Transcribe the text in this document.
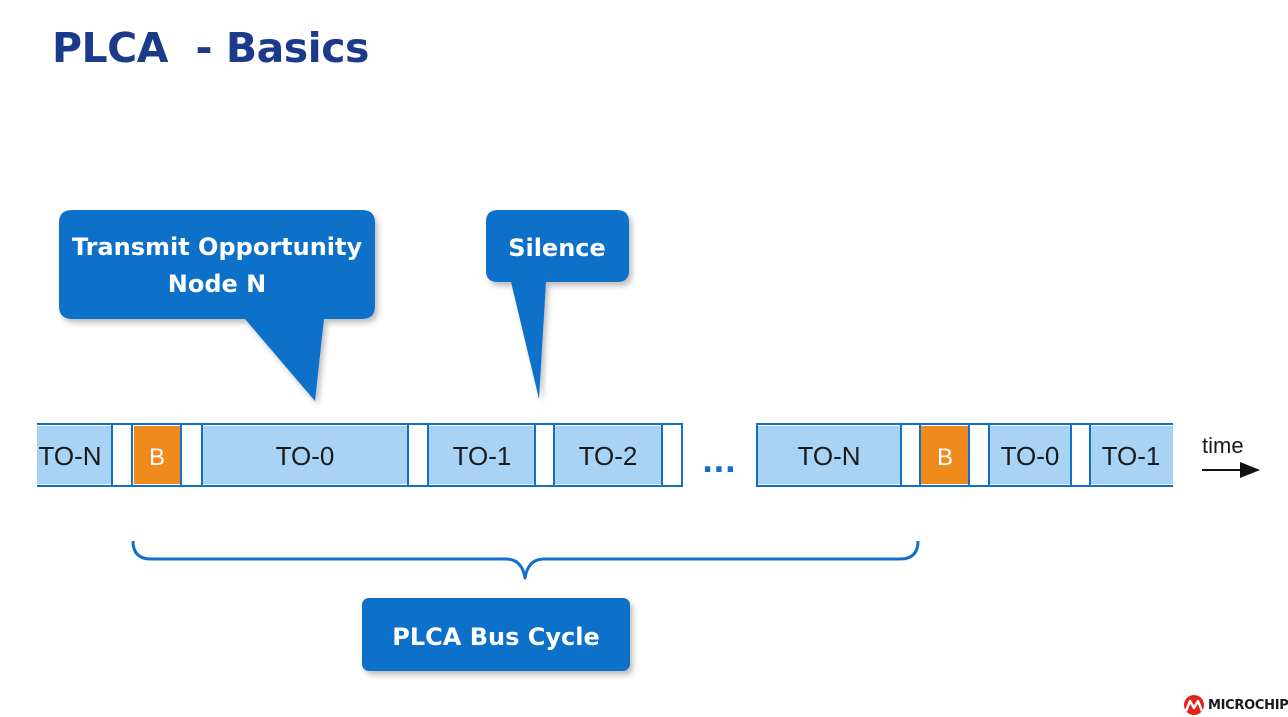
PLCA  - Basics
Transmit Opportunity
Node N
Silence
TO-N B	TO-0	TO-1	TO-2 ... TO-N	B TO-0 TO-1
PLCA Bus Cycle
time
MICROCHIP
